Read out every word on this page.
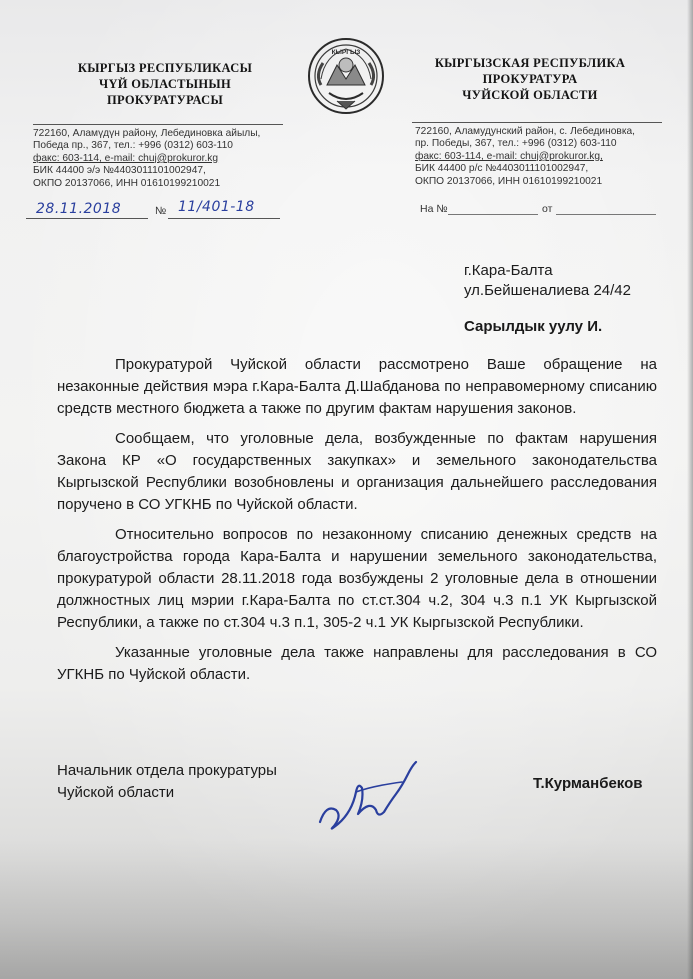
КЫРГЫЗ РЕСПУБЛИКАСЫ
ЧҮЙ ОБЛАСТЫНЫН
ПРОКУРАТУРАСЫ
КЫРГЫЗ
КЫРГЫЗСКАЯ РЕСПУБЛИКА
ПРОКУРАТУРА
ЧУЙСКОЙ ОБЛАСТИ
722160, Аламүдүн району, Лебединовка айылы,
Победа пр., 367, тел.: +996 (0312) 603-110
факс: 603-114, e-mail: chuj@prokuror.kg
БИК 44400 э/э №4403011101002947,
ОКПО 20137066, ИНН 01610199210021
722160, Аламудунский район, с. Лебединовка,
пр. Победы, 367, тел.: +996 (0312) 603-110
факс: 603-114, e-mail: chuj@prokuror.kg,
БИК 44400 р/с №4403011101002947,
ОКПО 20137066, ИНН 01610199210021
28.11.2018	№ 11/401-18	На №	от
г.Кара-Балта
ул.Бейшеналиева 24/42
Сарылдык уулу И.

Прокуратурой Чуйской области рассмотрено Ваше обращение на незаконные действия мэра г.Кара-Балта Д.Шабданова по неправомерному списанию средств местного бюджета а также по другим фактам нарушения законов.

Сообщаем, что уголовные дела, возбужденные по фактам нарушения Закона КР «О государственных закупках» и земельного законодательства Кыргызской Республики возобновлены и организация дальнейшего расследования поручено в СО УГКНБ по Чуйской области.

Относительно вопросов по незаконному списанию денежных средств на благоустройства города Кара-Балта и нарушении земельного законодательства, прокуратурой области 28.11.2018 года возбуждены 2 уголовные дела в отношении должностных лиц мэрии г.Кара-Балта по ст.ст.304 ч.2, 304 ч.3 п.1 УК Кыргызской Республики, а также по ст.304 ч.3 п.1, 305-2 ч.1 УК Кыргызской Республики.

Указанные уголовные дела также направлены для расследования в СО УГКНБ по Чуйской области.

Начальник отдела прокуратуры
Чуйской области
Т.Курманбеков
